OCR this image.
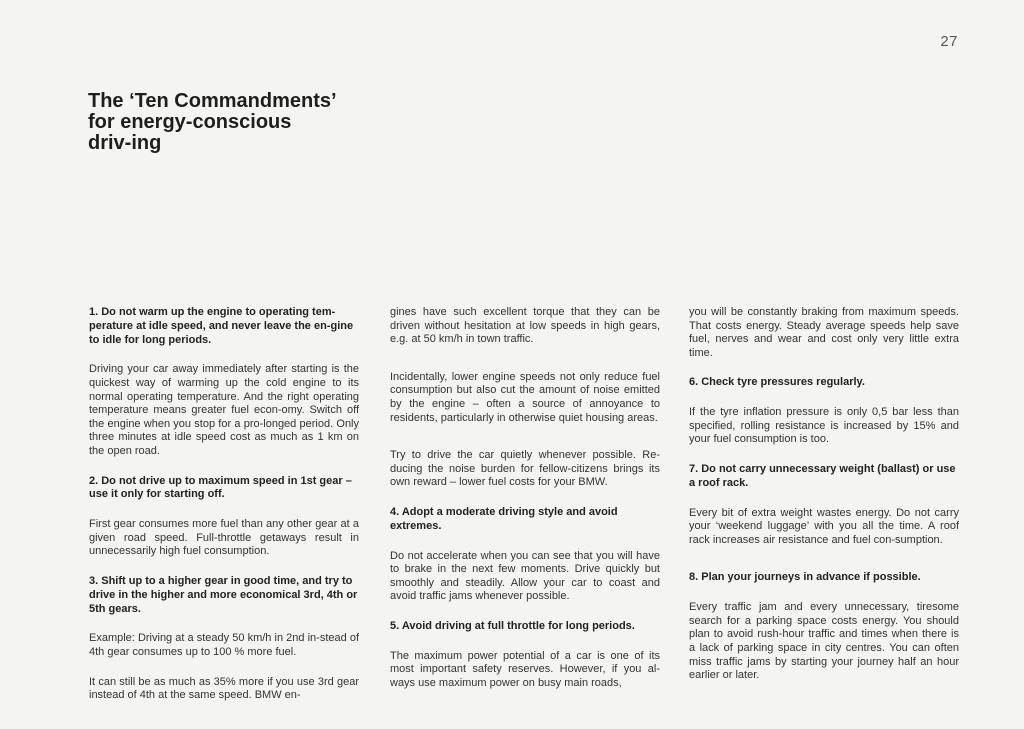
27
The ‘Ten Commandments’ for energy-conscious driv-ing
1. Do not warm up the engine to operating tem-perature at idle speed, and never leave the en-gine to idle for long periods.

Driving your car away immediately after starting is the quickest way of warming up the cold engine to its normal operating temperature. And the right operating temperature means greater fuel econ-omy. Switch off the engine when you stop for a pro-longed period. Only three minutes at idle speed cost as much as 1 km on the open road.

2. Do not drive up to maximum speed in 1st gear – use it only for starting off.

First gear consumes more fuel than any other gear at a given road speed. Full-throttle getaways result in unnecessarily high fuel consumption.

3. Shift up to a higher gear in good time, and try to drive in the higher and more economical 3rd, 4th or 5th gears.

Example: Driving at a steady 50 km/h in 2nd in-stead of 4th gear consumes up to 100 % more fuel.

It can still be as much as 35% more if you use 3rd gear instead of 4th at the same speed. BMW en-

gines have such excellent torque that they can be driven without hesitation at low speeds in high gears, e.g. at 50 km/h in town traffic.

Incidentally, lower engine speeds not only reduce fuel consumption but also cut the amount of noise emitted by the engine – often a source of annoyance to residents, particularly in otherwise quiet housing areas.

Try to drive the car quietly whenever possible. Re-ducing the noise burden for fellow-citizens brings its own reward – lower fuel costs for your BMW.

4. Adopt a moderate driving style and avoid extremes.

Do not accelerate when you can see that you will have to brake in the next few moments. Drive quickly but smoothly and steadily. Allow your car to coast and avoid traffic jams whenever possible.

5. Avoid driving at full throttle for long periods.

The maximum power potential of a car is one of its most important safety reserves. However, if you al-ways use maximum power on busy main roads,

you will be constantly braking from maximum speeds. That costs energy. Steady average speeds help save fuel, nerves and wear and cost only very little extra time.

6. Check tyre pressures regularly.

If the tyre inflation pressure is only 0,5 bar less than specified, rolling resistance is increased by 15% and your fuel consumption is too.

7. Do not carry unnecessary weight (ballast) or use a roof rack.

Every bit of extra weight wastes energy. Do not carry your ‘weekend luggage’ with you all the time. A roof rack increases air resistance and fuel con-sumption.

8. Plan your journeys in advance if possible.

Every traffic jam and every unnecessary, tiresome search for a parking space costs energy. You should plan to avoid rush-hour traffic and times when there is a lack of parking space in city centres. You can often miss traffic jams by starting your journey half an hour earlier or later.
